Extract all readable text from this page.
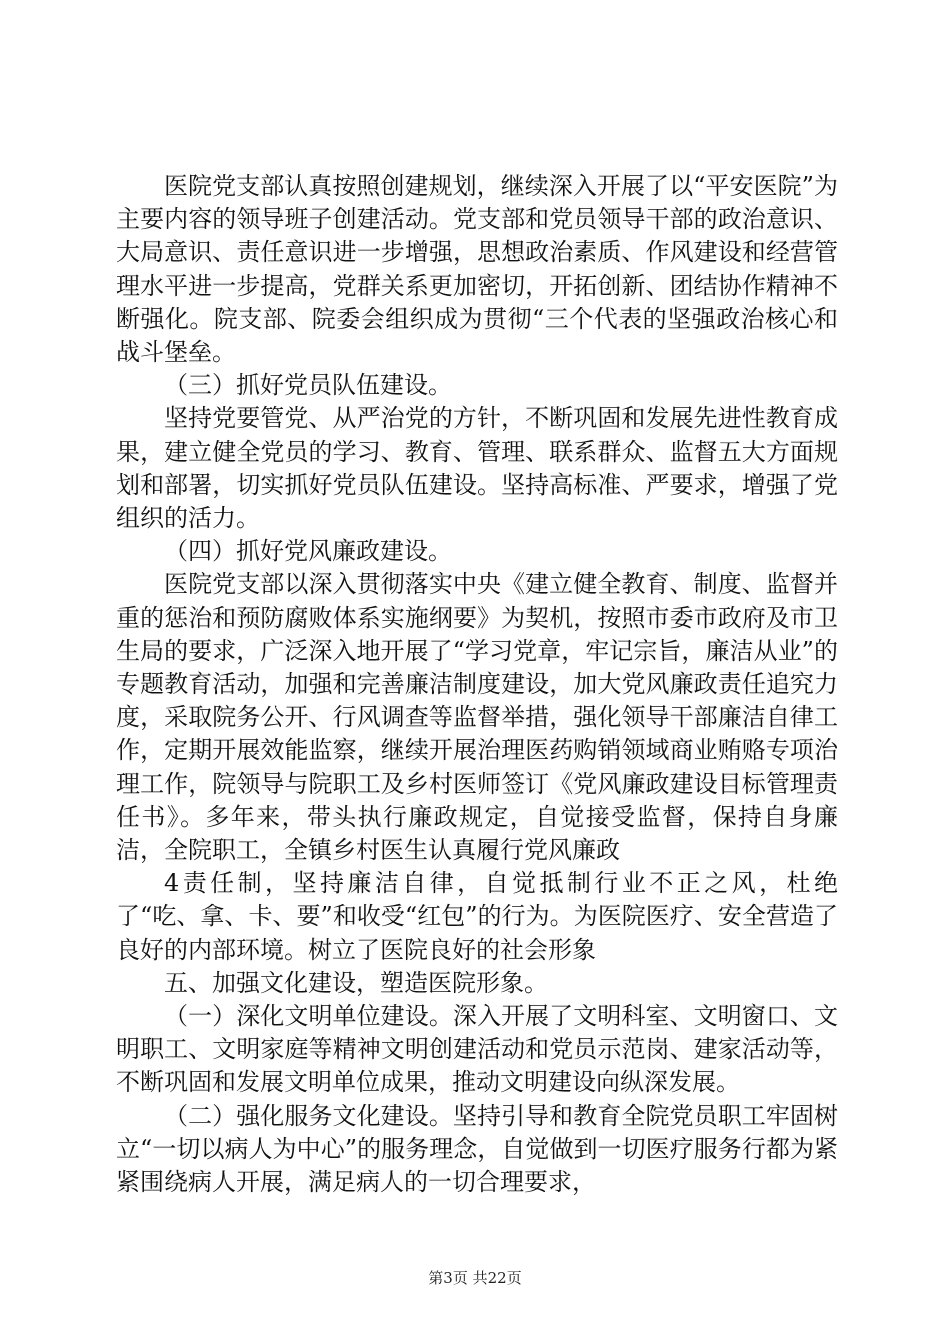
医院党支部认真按照创建规划，继续深入开展了以“平安医院”为主要内容的领导班子创建活动。党支部和党员领导干部的政治意识、大局意识、责任意识进一步增强，思想政治素质、作风建设和经营管理水平进一步提高，党群关系更加密切，开拓创新、团结协作精神不断强化。院支部、院委会组织成为贯彻“三个代表的坚强政治核心和战斗堡垒。

（三）抓好党员队伍建设。

坚持党要管党、从严治党的方针，不断巩固和发展先进性教育成果，建立健全党员的学习、教育、管理、联系群众、监督五大方面规划和部署，切实抓好党员队伍建设。坚持高标准、严要求，增强了党组织的活力。

（四）抓好党风廉政建设。

医院党支部以深入贯彻落实中央《建立健全教育、制度、监督并重的惩治和预防腐败体系实施纲要》为契机，按照市委市政府及市卫生局的要求，广泛深入地开展了“学习党章，牢记宗旨，廉洁从业”的专题教育活动，加强和完善廉洁制度建设，加大党风廉政责任追究力度，采取院务公开、行风调查等监督举措，强化领导干部廉洁自律工作，定期开展效能监察，继续开展治理医药购销领域商业贿赂专项治理工作，院领导与院职工及乡村医师签订《党风廉政建设目标管理责任书》。多年来，带头执行廉政规定，自觉接受监督，保持自身廉洁，全院职工，全镇乡村医生认真履行党风廉政

4责任制，坚持廉洁自律，自觉抵制行业不正之风，杜绝了“吃、拿、卡、要”和收受“红包”的行为。为医院医疗、安全营造了良好的内部环境。树立了医院良好的社会形象

五、加强文化建设，塑造医院形象。

（一）深化文明单位建设。深入开展了文明科室、文明窗口、文明职工、文明家庭等精神文明创建活动和党员示范岗、建家活动等，不断巩固和发展文明单位成果，推动文明建设向纵深发展。

（二）强化服务文化建设。坚持引导和教育全院党员职工牢固树立“一切以病人为中心”的服务理念，自觉做到一切医疗服务行都为紧紧围绕病人开展，满足病人的一切合理要求，

第3页 共22页
